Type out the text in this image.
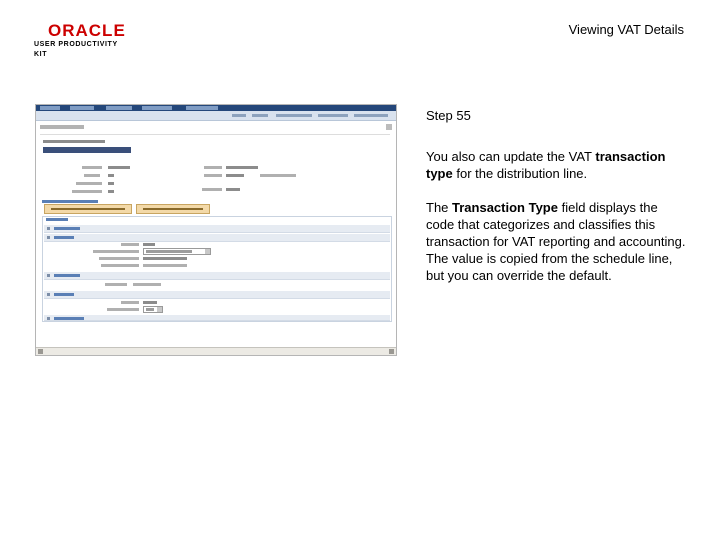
ORACLE
USER PRODUCTIVITY KIT
Viewing VAT Details
Step 55

You also can update the VAT transaction type for the distribution line.

The Transaction Type field displays the code that categorizes and classifies this transaction for VAT reporting and accounting. The value is copied from the schedule line, but you can override the default.
